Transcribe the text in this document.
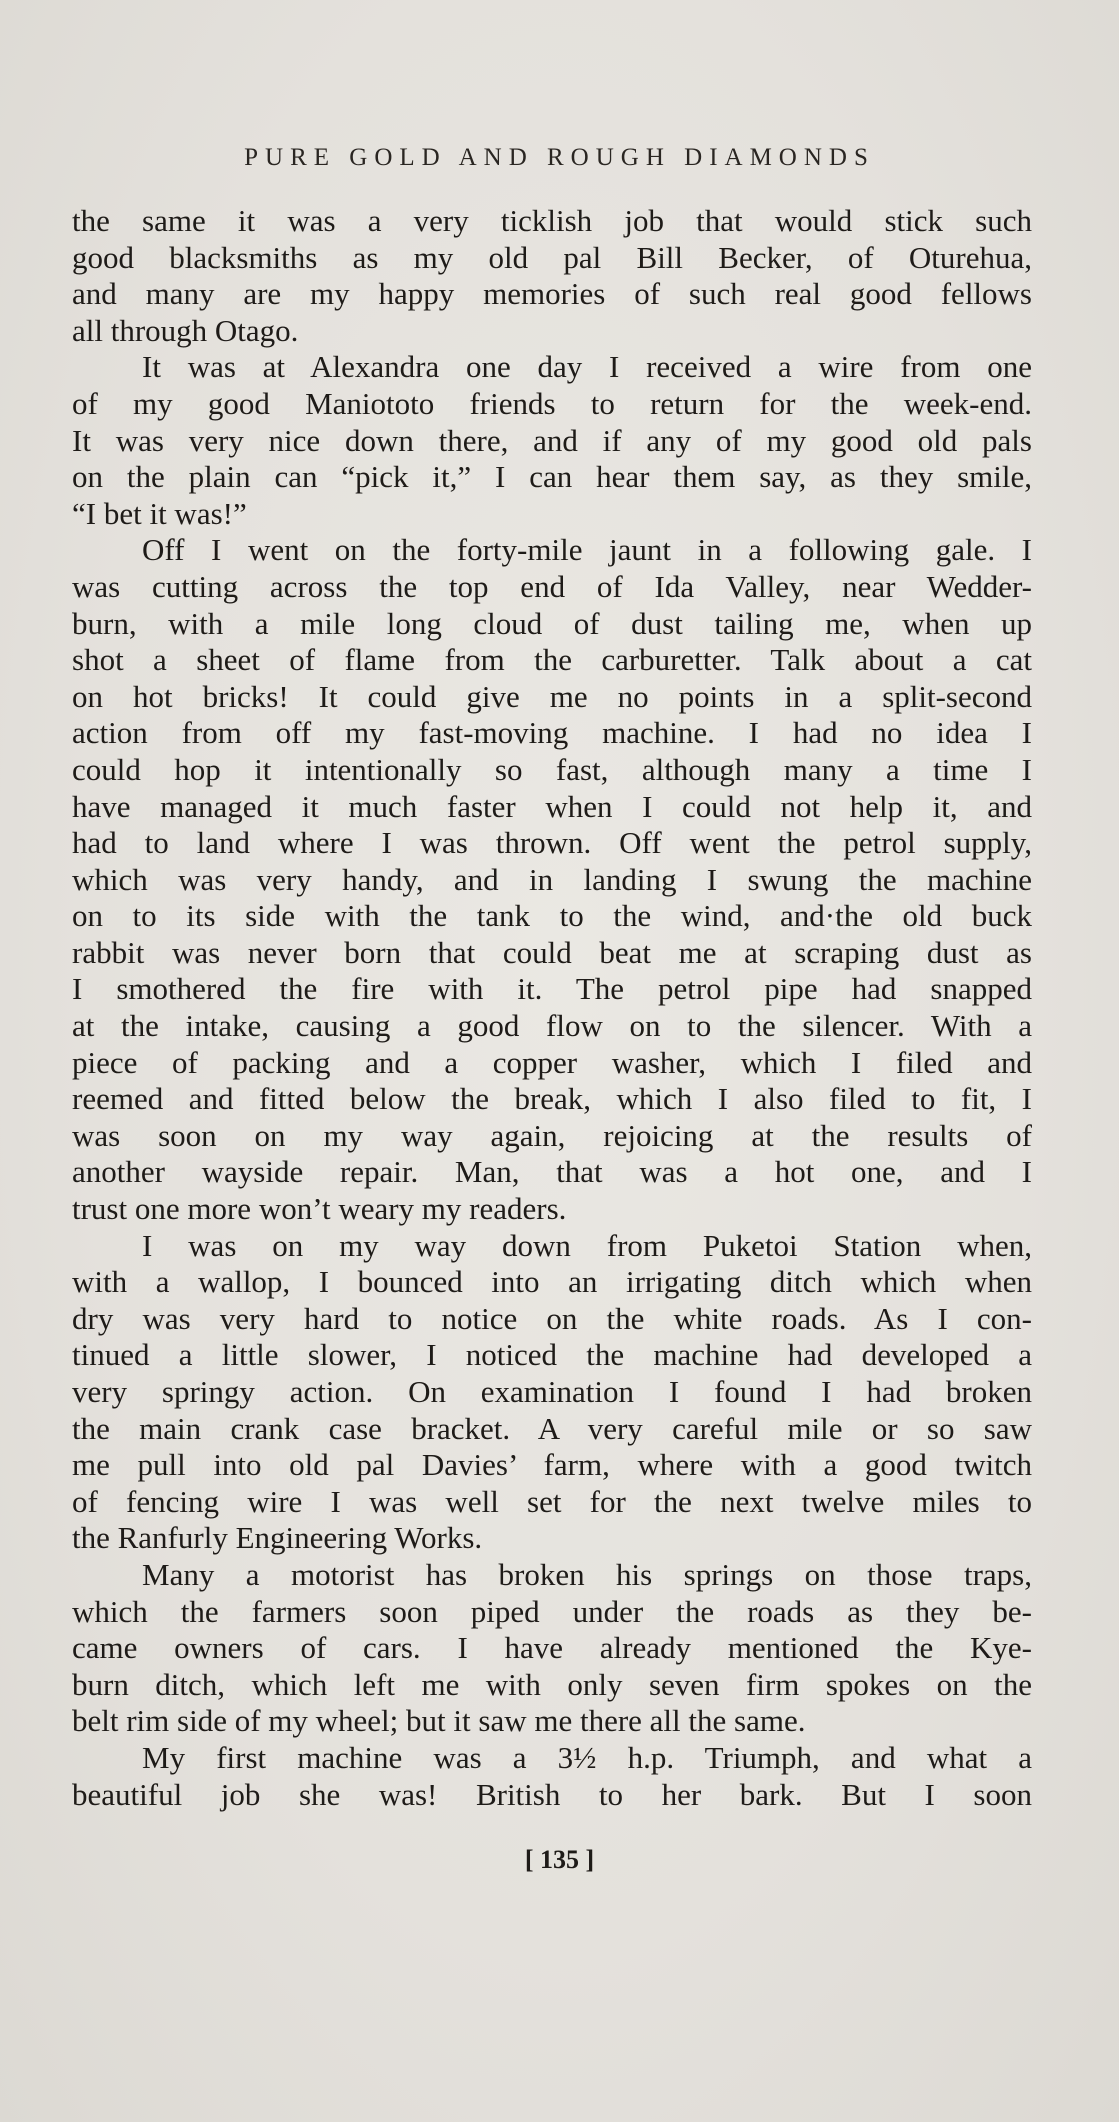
PURE GOLD AND ROUGH DIAMONDS
the same it was a very ticklish job that would stick such
good blacksmiths as my old pal Bill Becker, of Oturehua,
and many are my happy memories of such real good fellows
all through Otago.
It was at Alexandra one day I received a wire from one
of my good Maniototo friends to return for the week-end.
It was very nice down there, and if any of my good old pals
on the plain can “pick it,” I can hear them say, as they smile,
“I bet it was!”
Off I went on the forty-mile jaunt in a following gale. I
was cutting across the top end of Ida Valley, near Wedder-
burn, with a mile long cloud of dust tailing me, when up
shot a sheet of flame from the carburetter. Talk about a cat
on hot bricks! It could give me no points in a split-second
action from off my fast-moving machine. I had no idea I
could hop it intentionally so fast, although many a time I
have managed it much faster when I could not help it, and
had to land where I was thrown. Off went the petrol supply,
which was very handy, and in landing I swung the machine
on to its side with the tank to the wind, and·the old buck
rabbit was never born that could beat me at scraping dust as
I smothered the fire with it. The petrol pipe had snapped
at the intake, causing a good flow on to the silencer. With a
piece of packing and a copper washer, which I filed and
reemed and fitted below the break, which I also filed to fit, I
was soon on my way again, rejoicing at the results of
another wayside repair. Man, that was a hot one, and I
trust one more won’t weary my readers.
I was on my way down from Puketoi Station when,
with a wallop, I bounced into an irrigating ditch which when
dry was very hard to notice on the white roads. As I con-
tinued a little slower, I noticed the machine had developed a
very springy action. On examination I found I had broken
the main crank case bracket. A very careful mile or so saw
me pull into old pal Davies’ farm, where with a good twitch
of fencing wire I was well set for the next twelve miles to
the Ranfurly Engineering Works.
Many a motorist has broken his springs on those traps,
which the farmers soon piped under the roads as they be-
came owners of cars. I have already mentioned the Kye-
burn ditch, which left me with only seven firm spokes on the
belt rim side of my wheel; but it saw me there all the same.
My first machine was a 3½ h.p. Triumph, and what a
beautiful job she was! British to her bark. But I soon
[ 135 ]
